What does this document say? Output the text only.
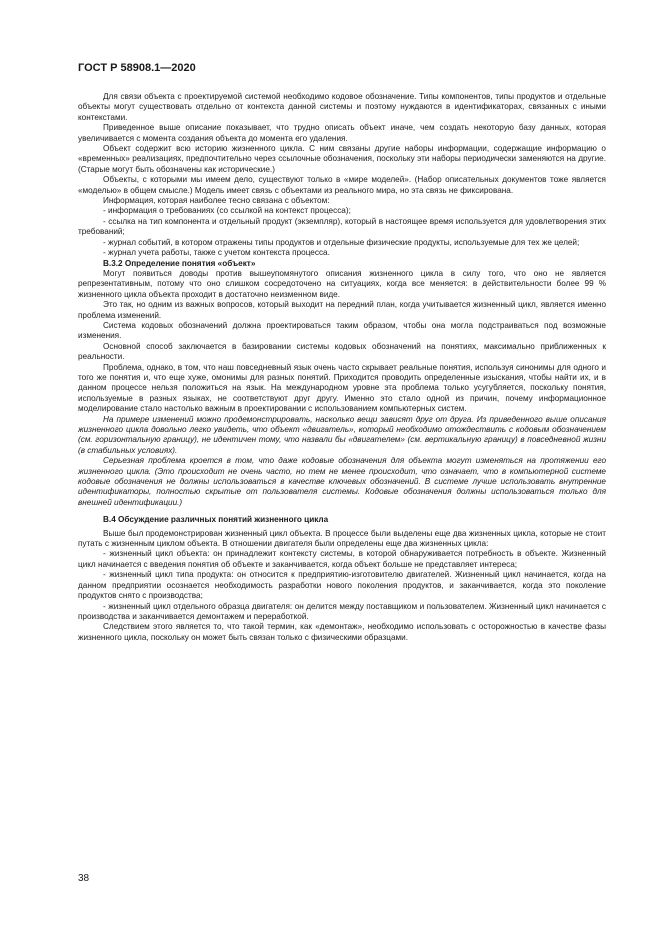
ГОСТ Р 58908.1—2020

Для связи объекта с проектируемой системой необходимо кодовое обозначение. Типы компонентов, типы продуктов и отдельные объекты могут существовать отдельно от контекста данной системы и поэтому нуждаются в идентификаторах, связанных с иными контекстами.

Приведенное выше описание показывает, что трудно описать объект иначе, чем создать некоторую базу данных, которая увеличивается с момента создания объекта до момента его удаления.

Объект содержит всю историю жизненного цикла. С ним связаны другие наборы информации, содержащие информацию о «временных» реализациях, предпочтительно через ссылочные обозначения, поскольку эти наборы периодически заменяются на другие. (Старые могут быть обозначены как исторические.)

Объекты, с которыми мы имеем дело, существуют только в «мире моделей». (Набор описательных документов тоже является «моделью» в общем смысле.) Модель имеет связь с объектами из реального мира, но эта связь не фиксирована.

Информация, которая наиболее тесно связана с объектом:

- информация о требованиях (со ссылкой на контекст процесса);

- ссылка на тип компонента и отдельный продукт (экземпляр), который в настоящее время используется для удовлетворения этих требований;

- журнал событий, в котором отражены типы продуктов и отдельные физические продукты, используемые для тех же целей;

- журнал учета работы, также с учетом контекста процесса.

В.3.2 Определение понятия «объект»

Могут появиться доводы против вышеупомянутого описания жизненного цикла в силу того, что оно не является репрезентативным, потому что оно слишком сосредоточено на ситуациях, когда все меняется: в действительности более 99 % жизненного цикла объекта проходит в достаточно неизменном виде.

Это так, но одним из важных вопросов, который выходит на передний план, когда учитывается жизненный цикл, является именно проблема изменений.

Система кодовых обозначений должна проектироваться таким образом, чтобы она могла подстраиваться под возможные изменения.

Основной способ заключается в базировании системы кодовых обозначений на понятиях, максимально приближенных к реальности.

Проблема, однако, в том, что наш повседневный язык очень часто скрывает реальные понятия, используя синонимы для одного и того же понятия и, что еще хуже, омонимы для разных понятий. Приходится проводить определенные изыскания, чтобы найти их, и в данном процессе нельзя положиться на язык. На международном уровне эта проблема только усугубляется, поскольку понятия, используемые в разных языках, не соответствуют друг другу. Именно это стало одной из причин, почему информационное моделирование стало настолько важным в проектировании с использованием компьютерных систем.

На примере изменений можно продемонстрировать, насколько вещи зависят друг от друга. Из приведенного выше описания жизненного цикла довольно легко увидеть, что объект «двигатель», который необходимо отождествить с кодовым обозначением (см. горизонтальную границу), не идентичен тому, что назвали бы «двигателем» (см. вертикальную границу) в повседневной жизни (в стабильных условиях).

Серьезная проблема кроется в том, что даже кодовые обозначения для объекта могут изменяться на протяжении его жизненного цикла. (Это происходит не очень часто, но тем не менее происходит, что означает, что в компьютерной системе кодовые обозначения не должны использоваться в качестве ключевых обозначений. В системе лучше использовать внутренние идентификаторы, полностью скрытые от пользователя системы. Кодовые обозначения должны использоваться только для внешней идентификации.)

В.4 Обсуждение различных понятий жизненного цикла

Выше был продемонстрирован жизненный цикл объекта. В процессе были выделены еще два жизненных цикла, которые не стоит путать с жизненным циклом объекта. В отношении двигателя были определены еще два жизненных цикла:

- жизненный цикл объекта: он принадлежит контексту системы, в которой обнаруживается потребность в объекте. Жизненный цикл начинается с введения понятия об объекте и заканчивается, когда объект больше не представляет интереса;

- жизненный цикл типа продукта: он относится к предприятию-изготовителю двигателей. Жизненный цикл начинается, когда на данном предприятии осознается необходимость разработки нового поколения продуктов, и заканчивается, когда это поколение продуктов снято с производства;

- жизненный цикл отдельного образца двигателя: он делится между поставщиком и пользователем. Жизненный цикл начинается с производства и заканчивается демонтажем и переработкой.

Следствием этого является то, что такой термин, как «демонтаж», необходимо использовать с осторожностью в качестве фазы жизненного цикла, поскольку он может быть связан только с физическими образцами.

38
